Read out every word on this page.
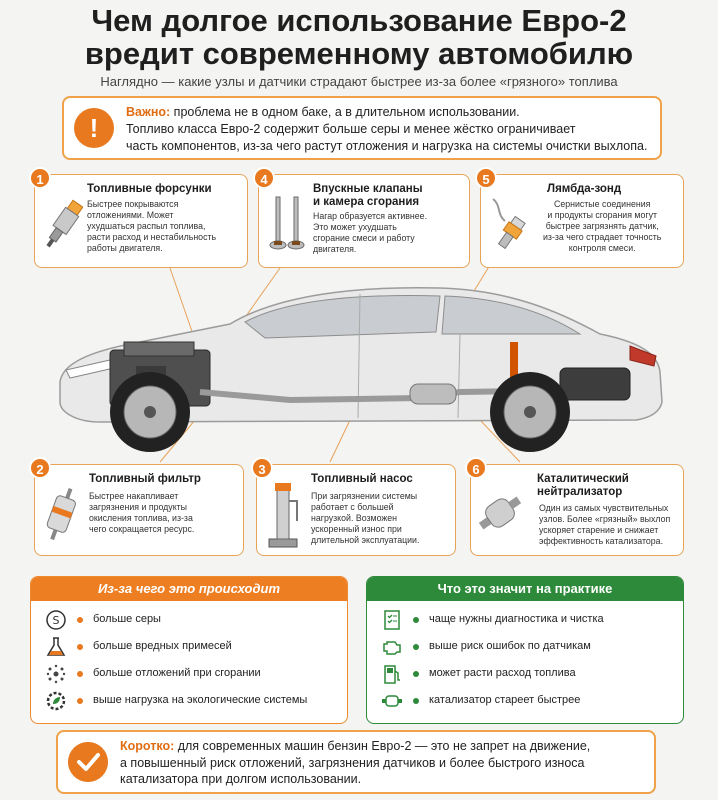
Чем долгое использование Евро-2
вредит современному автомобилю
Наглядно — какие узлы и датчики страдают быстрее из-за более «грязного» топлива
!
Важно: проблема не в одном баке, а в длительном использовании.
Топливо класса Евро-2 содержит больше серы и менее жёстко ограничивает
часть компонентов, из-за чего растут отложения и нагрузка на системы очистки выхлопа.
1
Топливные форсунки
Быстрее покрываются
отложениями. Может
ухудшаться распыл топлива,
расти расход и нестабильность
работы двигателя.
4
Впускные клапаны
и камера сгорания
Нагар образуется активнее.
Это может ухудшать
сгорание смеси и работу
двигателя.
5
Лямбда-зонд
Сернистые соединения
и продукты сгорания могут
быстрее загрязнять датчик,
из-за чего страдает точность
контроля смеси.
2
Топливный фильтр
Быстрее накапливает
загрязнения и продукты
окисления топлива, из-за
чего сокращается ресурс.
3
Топливный насос
При загрязнении системы
работает с большей
нагрузкой. Возможен
ускоренный износ при
длительной эксплуатации.
6
Каталитический
нейтрализатор
Один из самых чувствительных
узлов. Более «грязный» выхлоп
ускоряет старение и снижает
эффективность катализатора.
Из-за чего это происходит
S	больше серы
больше вредных примесей
больше отложений при сгорании
выше нагрузка на экологические системы
Что это значит на практике
чаще нужны диагностика и чистка
выше риск ошибок по датчикам
может расти расход топлива
катализатор стареет быстрее
Коротко: для современных машин бензин Евро-2 — это не запрет на движение,
а повышенный риск отложений, загрязнения датчиков и более быстрого износа
катализатора при долгом использовании.
